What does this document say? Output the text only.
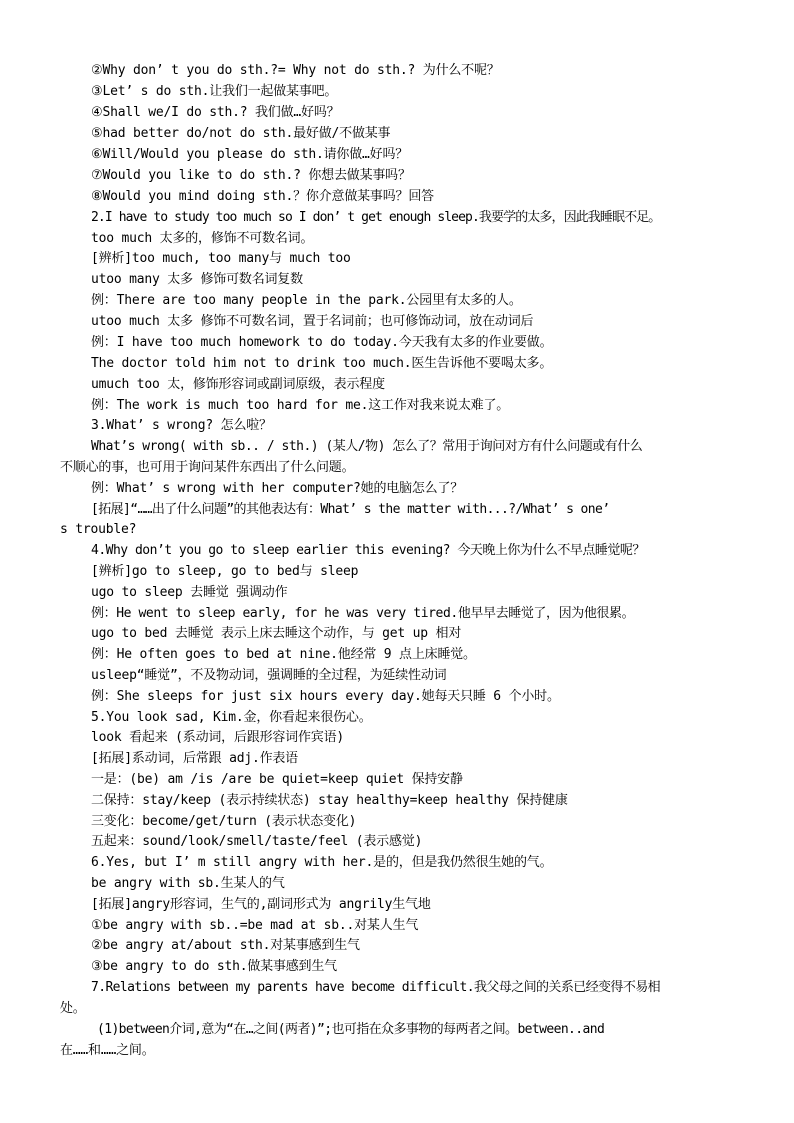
②Why don’ t you do sth.?= Why not do sth.? 为什么不呢？
③Let’ s do sth.让我们一起做某事吧。
④Shall we/I do sth.? 我们做…好吗？
⑤had better do/not do sth.最好做/不做某事
⑥Will/Would you please do sth.请你做…好吗？
⑦Would you like to do sth.? 你想去做某事吗？
⑧Would you mind doing sth.？你介意做某事吗？回答
2.I have to study too much so I don’ t get enough sleep.我要学的太多，因此我睡眠不足。
too much 太多的，修饰不可数名词。
[辨析]too much, too many与 much too
utoo many 太多 修饰可数名词复数
例：There are too many people in the park.公园里有太多的人。
utoo much 太多 修饰不可数名词，置于名词前；也可修饰动词，放在动词后
例：I have too much homework to do today.今天我有太多的作业要做。
The doctor told him not to drink too much.医生告诉他不要喝太多。
umuch too 太，修饰形容词或副词原级，表示程度
例：The work is much too hard for me.这工作对我来说太难了。
3.What’ s wrong? 怎么啦？
What’s wrong( with sb.. / sth.) (某人/物) 怎么了？常用于询问对方有什么问题或有什么
不顺心的事，也可用于询问某件东西出了什么问题。
例：What’ s wrong with her computer?她的电脑怎么了？
[拓展]“……出了什么问题”的其他表达有：What’ s the matter with...?/What’ s one’
s trouble?
4.Why don’t you go to sleep earlier this evening? 今天晚上你为什么不早点睡觉呢？
[辨析]go to sleep, go to bed与 sleep
ugo to sleep 去睡觉 强调动作
例：He went to sleep early, for he was very tired.他早早去睡觉了，因为他很累。
ugo to bed 去睡觉 表示上床去睡这个动作，与 get up 相对
例：He often goes to bed at nine.他经常 9 点上床睡觉。
usleep“睡觉”，不及物动词，强调睡的全过程，为延续性动词
例：She sleeps for just six hours every day.她每天只睡 6 个小时。
5.You look sad, Kim.金，你看起来很伤心。
look 看起来 (系动词，后跟形容词作宾语)
[拓展]系动词，后常跟 adj.作表语
一是：(be) am /is /are be quiet=keep quiet 保持安静
二保持：stay/keep (表示持续状态) stay healthy=keep healthy 保持健康
三变化：become/get/turn (表示状态变化)
五起来：sound/look/smell/taste/feel (表示感觉)
6.Yes, but I’ m still angry with her.是的，但是我仍然很生她的气。
be angry with sb.生某人的气
[拓展]angry形容词，生气的,副词形式为 angrily生气地
①be angry with sb..=be mad at sb..对某人生气
②be angry at/about sth.对某事感到生气
③be angry to do sth.做某事感到生气
7.Relations between my parents have become difficult.我父母之间的关系已经变得不易相
处。
(1)between介词,意为“在…之间(两者)”;也可指在众多事物的每两者之间。between..and
在……和……之间。
